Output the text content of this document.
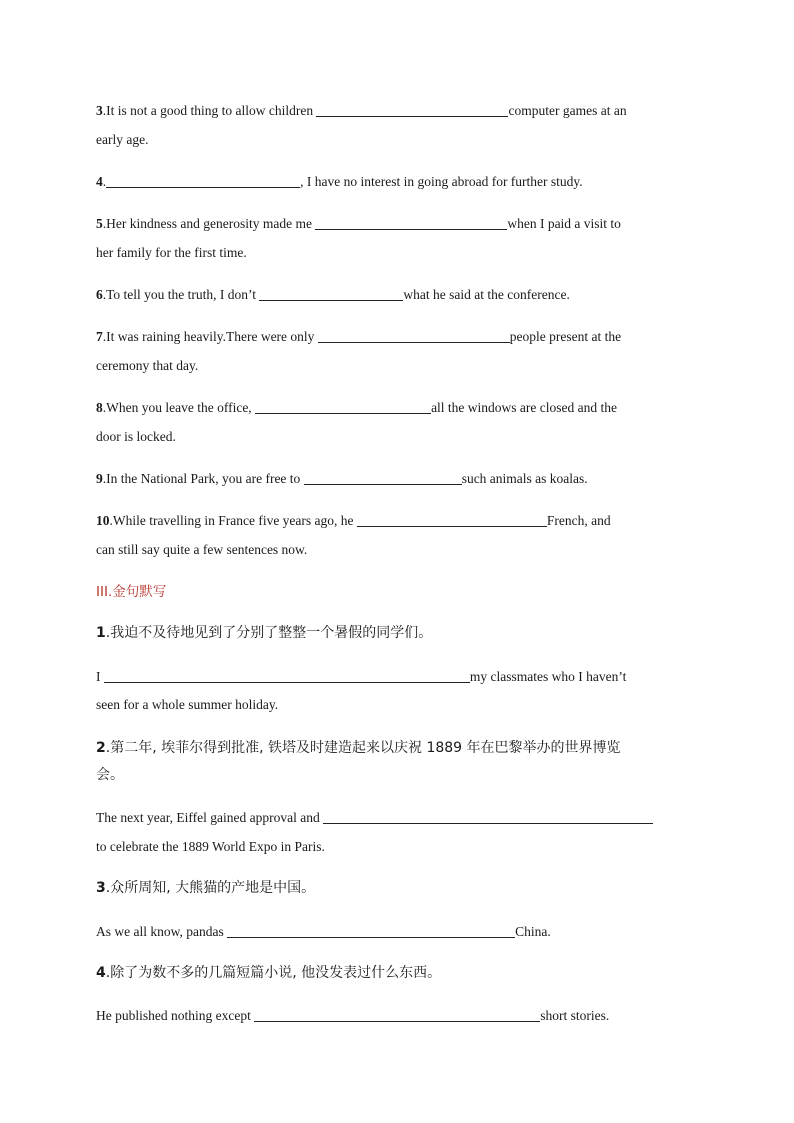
3.It is not a good thing to allow children	computer games at an
early age.
4.	, I have no interest in going abroad for further study.
5.Her kindness and generosity made me	when I paid a visit to
her family for the first time.
6.To tell you the truth, I don’t	what he said at the conference.
7.It was raining heavily.There were only	people present at the
ceremony that day.
8.When you leave the office,	all the windows are closed and the
door is locked.
9.In the National Park, you are free to	such animals as koalas.
10.While travelling in France five years ago, he	French, and
can still say quite a few sentences now.
III.金句默写
1.我迫不及待地见到了分别了整整一个暑假的同学们。
I	my classmates who I haven’t
seen for a whole summer holiday.
2.第二年, 埃菲尔得到批准, 铁塔及时建造起来以庆祝 1889 年在巴黎举办的世界博览
会。
The next year, Eiffel gained approval and
to celebrate the 1889 World Expo in Paris.
3.众所周知, 大熊猫的产地是中国。
As we all know, pandas	China.
4.除了为数不多的几篇短篇小说, 他没发表过什么东西。
He published nothing except	short stories.
